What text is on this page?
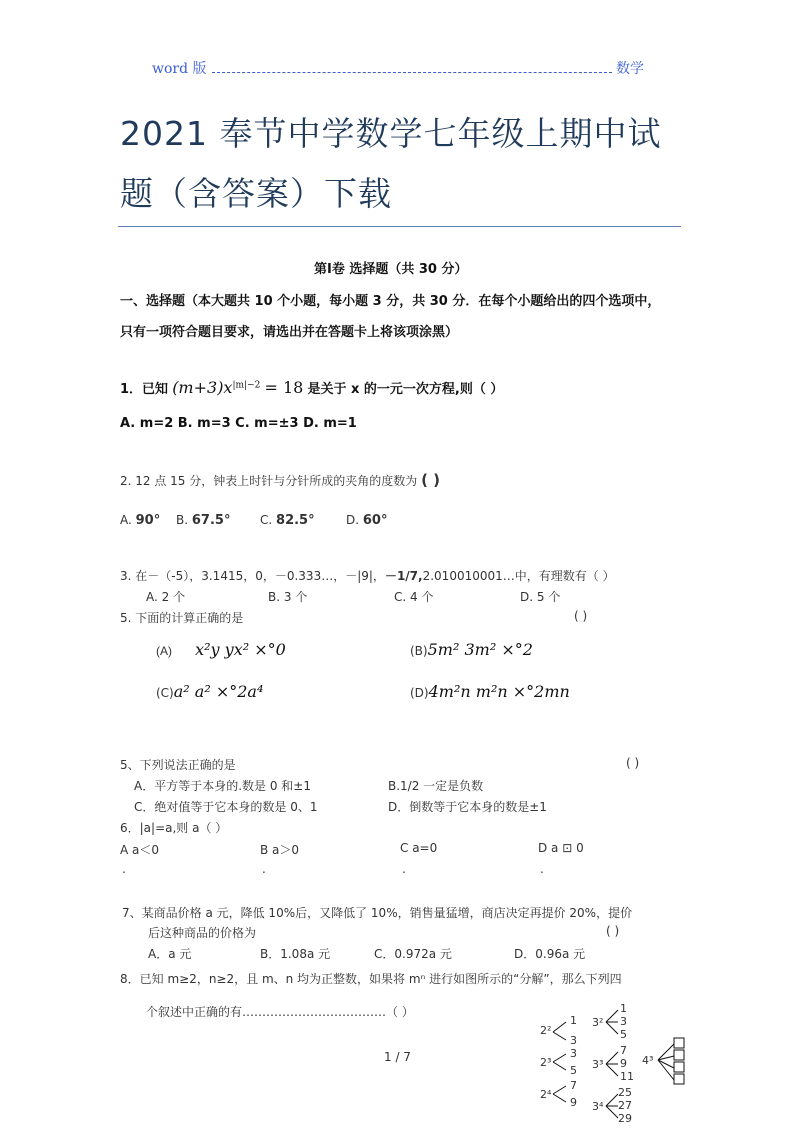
word 版	数学
2021 奉节中学数学七年级上期中试
题（含答案）下载
第Ⅰ卷 选择题（共 30 分）
一、选择题（本大题共 10 个小题，每小题 3 分，共 30 分．在每个小题给出的四个选项中，
只有一项符合题目要求，请选出并在答题卡上将该项涂黑）
1．已知 $(m+3)x^{|m|-2} = 18$ 是关于 x 的一元一次方程,则（ ）
A. m=2 B. m=3 C. m=±3 D. m=1
2. 12 点 15 分，钟表上时针与分针所成的夹角的度数为 ( )
A. 90° B. 67.5° C. 82.5°	D. 60°
3. 在－（-5），3.1415，0，－0.333…，－|9|，－1/7,2.010010001…中，有理数有（ ）
A. 2 个	B. 3 个	C. 4 个	D. 5 个
5. 下面的计算正确的是	( )
(A) x²y yx² ×°0	(B)5m² 3m² ×°2
(C)a² a² ×°2a⁴	(D)4m²n m²n ×°2mn
5、下列说法正确的是	( )
A．平方等于本身的.数是 0 和±1	B.1/2 一定是负数
C．绝对值等于它本身的数是 0、1	D．倒数等于它本身的数是±1
6．|a|=a,则 a（ ）
A a＜0	B a＞0	C a=0	D a ⊡ 0
.	.	.	.
7、某商品价格 a 元，降低 10%后，又降低了 10%，销售量猛增，商店决定再提价 20%，提价
后这种商品的价格为	( )
A．a 元	B．1.08a 元	C．0.972a 元	D．0.96a 元
8．已知 m≥2，n≥2，且 m、n 均为正整数，如果将 mⁿ 进行如图所示的“分解”，那么下列四
个叙述中正确的有………………………………（ ）
2²
1
3
2³
3
5
2⁴
7
9
3²
1
3
5
3³
7
9
11
3⁴
25
27
29
4³
1 / 7
